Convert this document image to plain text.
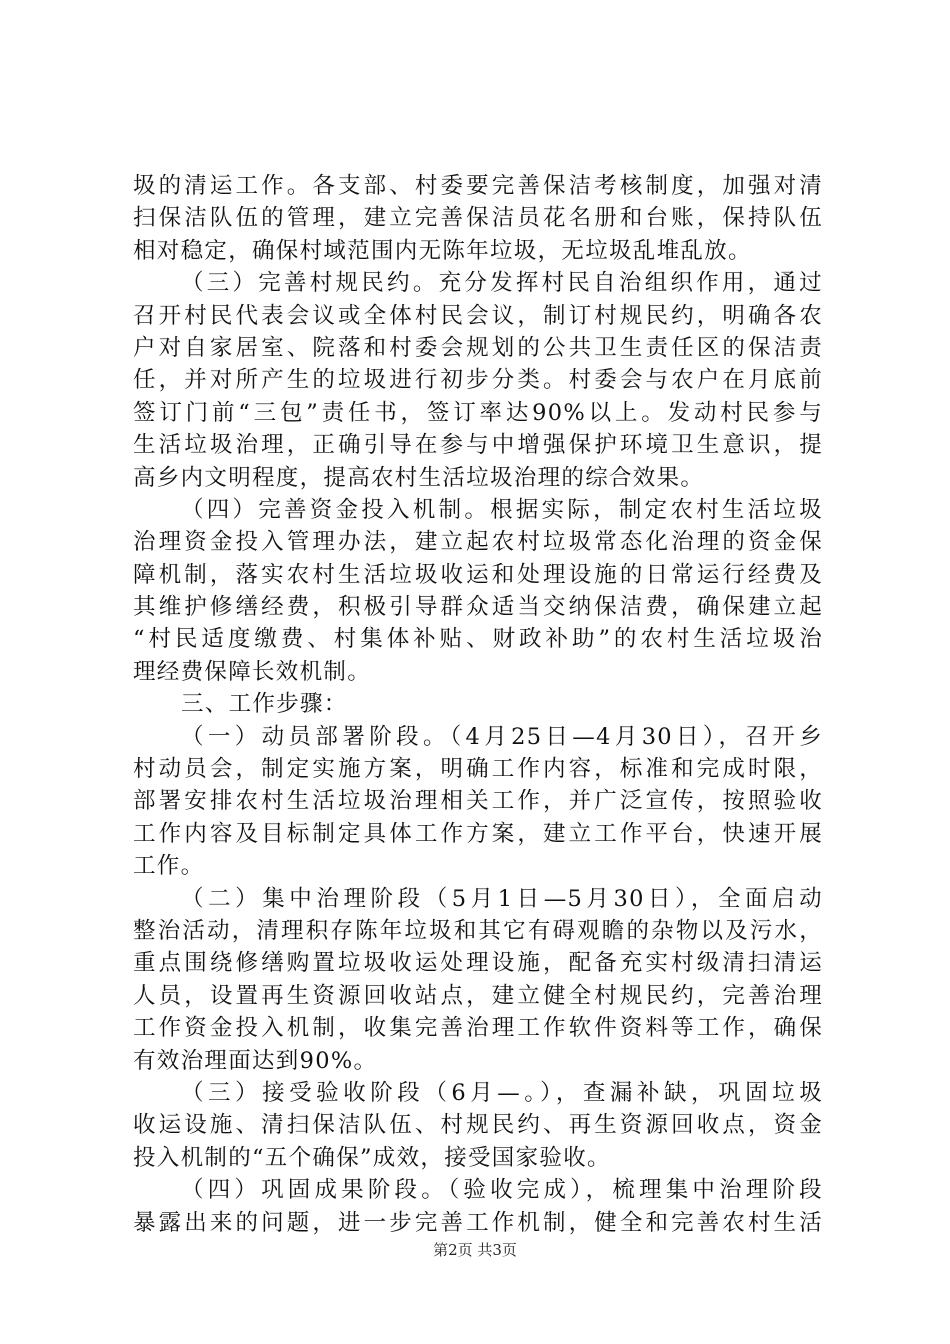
圾的清运工作。各支部、村委要完善保洁考核制度，加强对清
扫保洁队伍的管理，建立完善保洁员花名册和台账，保持队伍
相对稳定，确保村域范围内无陈年垃圾，无垃圾乱堆乱放。
（三）完善村规民约。充分发挥村民自治组织作用，通过
召开村民代表会议或全体村民会议，制订村规民约，明确各农
户对自家居室、院落和村委会规划的公共卫生责任区的保洁责
任，并对所产生的垃圾进行初步分类。村委会与农户在月底前
签订门前“三包”责任书，签订率达90%以上。发动村民参与
生活垃圾治理，正确引导在参与中增强保护环境卫生意识，提
高乡内文明程度，提高农村生活垃圾治理的综合效果。
（四）完善资金投入机制。根据实际，制定农村生活垃圾
治理资金投入管理办法，建立起农村垃圾常态化治理的资金保
障机制，落实农村生活垃圾收运和处理设施的日常运行经费及
其维护修缮经费，积极引导群众适当交纳保洁费，确保建立起
“村民适度缴费、村集体补贴、财政补助”的农村生活垃圾治
理经费保障长效机制。
三、工作步骤：
（一）动员部署阶段。（4月25日—4月30日），召开乡
村动员会，制定实施方案，明确工作内容，标准和完成时限，
部署安排农村生活垃圾治理相关工作，并广泛宣传，按照验收
工作内容及目标制定具体工作方案，建立工作平台，快速开展
工作。
（二）集中治理阶段（5月1日—5月30日），全面启动
整治活动，清理积存陈年垃圾和其它有碍观瞻的杂物以及污水，
重点围绕修缮购置垃圾收运处理设施，配备充实村级清扫清运
人员，设置再生资源回收站点，建立健全村规民约，完善治理
工作资金投入机制，收集完善治理工作软件资料等工作，确保
有效治理面达到90%。
（三）接受验收阶段（6月—。），查漏补缺，巩固垃圾
收运设施、清扫保洁队伍、村规民约、再生资源回收点，资金
投入机制的“五个确保”成效，接受国家验收。
（四）巩固成果阶段。（验收完成），梳理集中治理阶段
暴露出来的问题，进一步完善工作机制，健全和完善农村生活
第2页 共3页
